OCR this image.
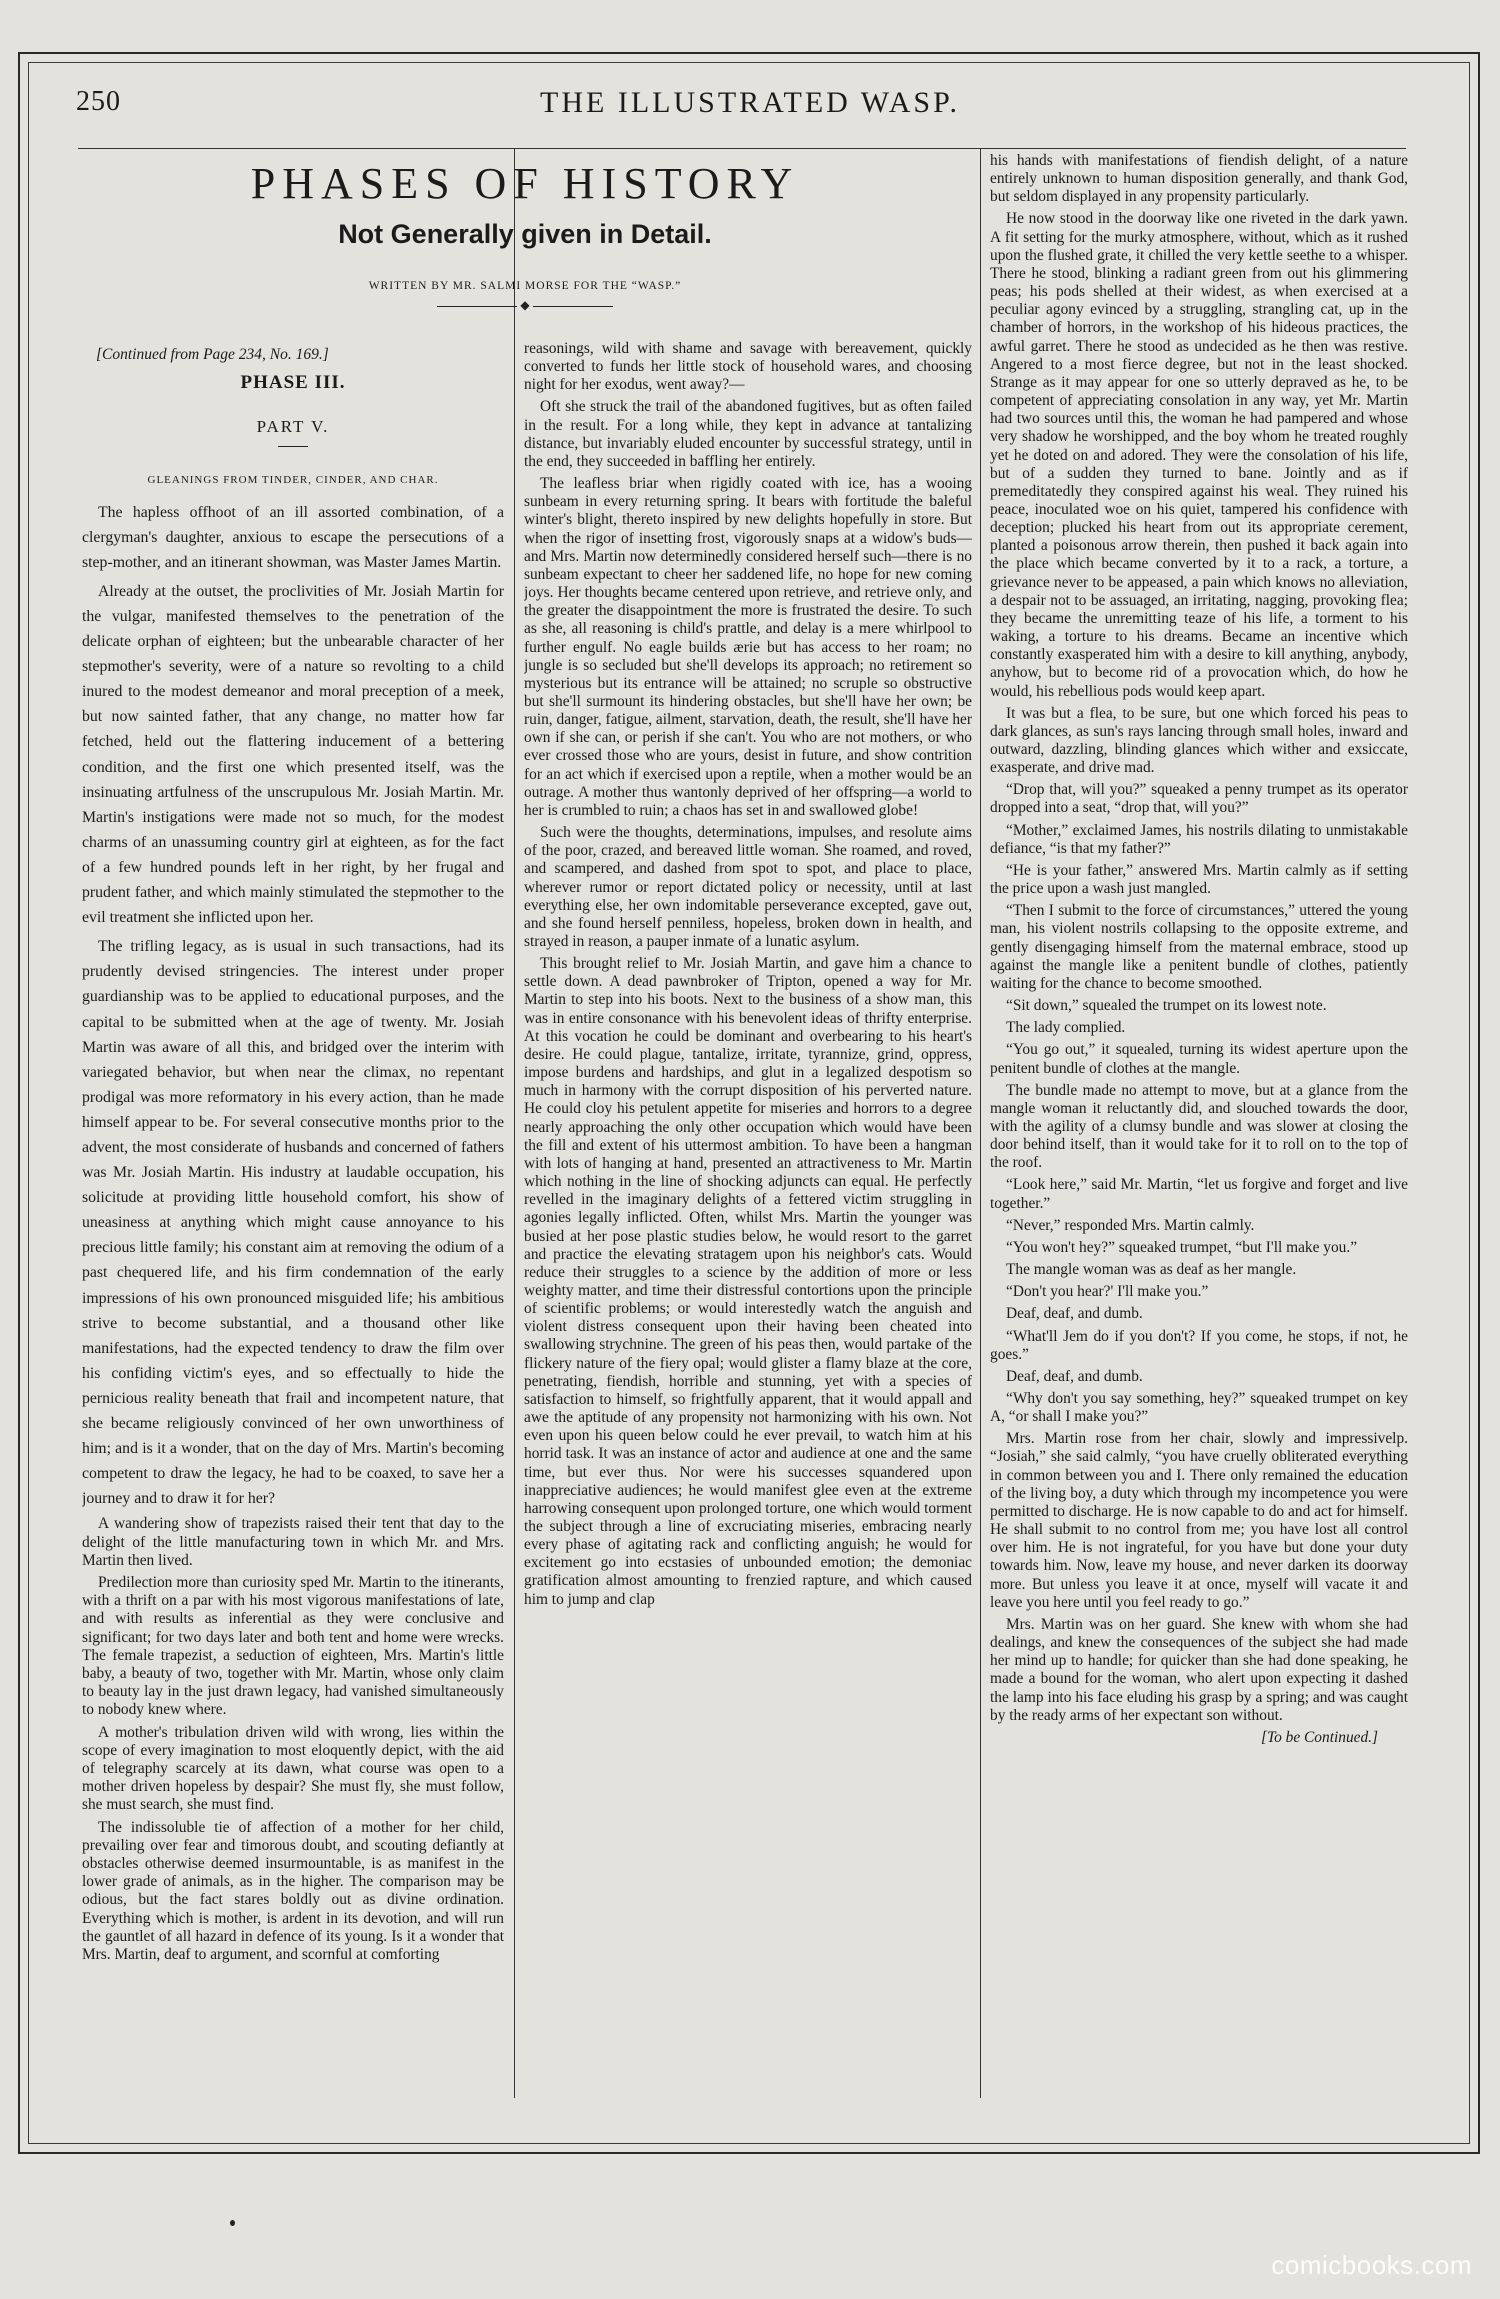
250	THE ILLUSTRATED WASP.
PHASES OF HISTORY
Not Generally given in Detail.
WRITTEN BY MR. SALMI MORSE FOR THE “WASP.”
◆
[Continued from Page 234, No. 169.]
PHASE III.
PART V.
GLEANINGS FROM TINDER, CINDER, AND CHAR.

The hapless offhoot of an ill assorted combination, of a clergyman's daughter, anxious to escape the persecutions of a step-mother, and an itinerant showman, was Master James Martin.

Already at the outset, the proclivities of Mr. Josiah Martin for the vulgar, manifested themselves to the penetration of the delicate orphan of eighteen; but the unbearable character of her stepmother's severity, were of a nature so revolting to a child inured to the modest demeanor and moral preception of a meek, but now sainted father, that any change, no matter how far fetched, held out the flattering inducement of a bettering condition, and the first one which presented itself, was the insinuating artfulness of the unscrupulous Mr. Josiah Martin. Mr. Martin's instigations were made not so much, for the modest charms of an unassuming country girl at eighteen, as for the fact of a few hundred pounds left in her right, by her frugal and prudent father, and which mainly stimulated the stepmother to the evil treatment she inflicted upon her.

The trifling legacy, as is usual in such transactions, had its prudently devised stringencies. The interest under proper guardianship was to be applied to educational purposes, and the capital to be submitted when at the age of twenty. Mr. Josiah Martin was aware of all this, and bridged over the interim with variegated behavior, but when near the climax, no repentant prodigal was more reformatory in his every action, than he made himself appear to be. For several consecutive months prior to the advent, the most considerate of husbands and concerned of fathers was Mr. Josiah Martin. His industry at laudable occupation, his solicitude at providing little household comfort, his show of uneasiness at anything which might cause annoyance to his precious little family; his constant aim at removing the odium of a past chequered life, and his firm condemnation of the early impressions of his own pronounced misguided life; his ambitious strive to become substantial, and a thousand other like manifestations, had the expected tendency to draw the film over his confiding victim's eyes, and so effectually to hide the pernicious reality beneath that frail and incompetent nature, that she became religiously convinced of her own unworthiness of him; and is it a wonder, that on the day of Mrs. Martin's becoming competent to draw the legacy, he had to be coaxed, to save her a journey and to draw it for her?

A wandering show of trapezists raised their tent that day to the delight of the little manufacturing town in which Mr. and Mrs. Martin then lived.

Predilection more than curiosity sped Mr. Martin to the itinerants, with a thrift on a par with his most vigorous manifestations of late, and with results as inferential as they were conclusive and significant; for two days later and both tent and home were wrecks. The female trapezist, a seduction of eighteen, Mrs. Martin's little baby, a beauty of two, together with Mr. Martin, whose only claim to beauty lay in the just drawn legacy, had vanished simultaneously to nobody knew where.

A mother's tribulation driven wild with wrong, lies within the scope of every imagination to most eloquently depict, with the aid of telegraphy scarcely at its dawn, what course was open to a mother driven hopeless by despair? She must fly, she must follow, she must search, she must find.

The indissoluble tie of affection of a mother for her child, prevailing over fear and timorous doubt, and scouting defiantly at obstacles otherwise deemed insurmountable, is as manifest in the lower grade of animals, as in the higher. The comparison may be odious, but the fact stares boldly out as divine ordination. Everything which is mother, is ardent in its devotion, and will run the gauntlet of all hazard in defence of its young. Is it a wonder that Mrs. Martin, deaf to argument, and scornful at comforting

reasonings, wild with shame and savage with bereavement, quickly converted to funds her little stock of household wares, and choosing night for her exodus, went away?—

Oft she struck the trail of the abandoned fugitives, but as often failed in the result. For a long while, they kept in advance at tantalizing distance, but invariably eluded encounter by successful strategy, until in the end, they succeeded in baffling her entirely.

The leafless briar when rigidly coated with ice, has a wooing sunbeam in every returning spring. It bears with fortitude the baleful winter's blight, thereto inspired by new delights hopefully in store. But when the rigor of insetting frost, vigorously snaps at a widow's buds—and Mrs. Martin now determinedly considered herself such—there is no sunbeam expectant to cheer her saddened life, no hope for new coming joys. Her thoughts became centered upon retrieve, and retrieve only, and the greater the disappointment the more is frustrated the desire. To such as she, all reasoning is child's prattle, and delay is a mere whirlpool to further engulf. No eagle builds ærie but has access to her roam; no jungle is so secluded but she'll develops its approach; no retirement so mysterious but its entrance will be attained; no scruple so obstructive but she'll surmount its hindering obstacles, but she'll have her own; be ruin, danger, fatigue, ailment, starvation, death, the result, she'll have her own if she can, or perish if she can't. You who are not mothers, or who ever crossed those who are yours, desist in future, and show contrition for an act which if exercised upon a reptile, when a mother would be an outrage. A mother thus wantonly deprived of her offspring—a world to her is crumbled to ruin; a chaos has set in and swallowed globe!

Such were the thoughts, determinations, impulses, and resolute aims of the poor, crazed, and bereaved little woman. She roamed, and roved, and scampered, and dashed from spot to spot, and place to place, wherever rumor or report dictated policy or necessity, until at last everything else, her own indomitable perseverance excepted, gave out, and she found herself penniless, hopeless, broken down in health, and strayed in reason, a pauper inmate of a lunatic asylum.

This brought relief to Mr. Josiah Martin, and gave him a chance to settle down. A dead pawnbroker of Tripton, opened a way for Mr. Martin to step into his boots. Next to the business of a show man, this was in entire consonance with his benevolent ideas of thrifty enterprise. At this vocation he could be dominant and overbearing to his heart's desire. He could plague, tantalize, irritate, tyrannize, grind, oppress, impose burdens and hardships, and glut in a legalized despotism so much in harmony with the corrupt disposition of his perverted nature. He could cloy his petulent appetite for miseries and horrors to a degree nearly approaching the only other occupation which would have been the fill and extent of his uttermost ambition. To have been a hangman with lots of hanging at hand, presented an attractiveness to Mr. Martin which nothing in the line of shocking adjuncts can equal. He perfectly revelled in the imaginary delights of a fettered victim struggling in agonies legally inflicted. Often, whilst Mrs. Martin the younger was busied at her pose plastic studies below, he would resort to the garret and practice the elevating stratagem upon his neighbor's cats. Would reduce their struggles to a science by the addition of more or less weighty matter, and time their distressful contortions upon the principle of scientific problems; or would interestedly watch the anguish and violent distress consequent upon their having been cheated into swallowing strychnine. The green of his peas then, would partake of the flickery nature of the fiery opal; would glister a flamy blaze at the core, penetrating, fiendish, horrible and stunning, yet with a species of satisfaction to himself, so frightfully apparent, that it would appall and awe the aptitude of any propensity not harmonizing with his own. Not even upon his queen below could he ever prevail, to watch him at his horrid task. It was an instance of actor and audience at one and the same time, but ever thus. Nor were his successes squandered upon inappreciative audiences; he would manifest glee even at the extreme harrowing consequent upon prolonged torture, one which would torment the subject through a line of excruciating miseries, embracing nearly every phase of agitating rack and conflicting anguish; he would for excitement go into ecstasies of unbounded emotion; the demoniac gratification almost amounting to frenzied rapture, and which caused him to jump and clap

his hands with manifestations of fiendish delight, of a nature entirely unknown to human disposition generally, and thank God, but seldom displayed in any propensity particularly.

He now stood in the doorway like one riveted in the dark yawn. A fit setting for the murky atmosphere, without, which as it rushed upon the flushed grate, it chilled the very kettle seethe to a whisper. There he stood, blinking a radiant green from out his glimmering peas; his pods shelled at their widest, as when exercised at a peculiar agony evinced by a struggling, strangling cat, up in the chamber of horrors, in the workshop of his hideous practices, the awful garret. There he stood as undecided as he then was restive. Angered to a most fierce degree, but not in the least shocked. Strange as it may appear for one so utterly depraved as he, to be competent of appreciating consolation in any way, yet Mr. Martin had two sources until this, the woman he had pampered and whose very shadow he worshipped, and the boy whom he treated roughly yet he doted on and adored. They were the consolation of his life, but of a sudden they turned to bane. Jointly and as if premeditatedly they conspired against his weal. They ruined his peace, inoculated woe on his quiet, tampered his confidence with deception; plucked his heart from out its appropriate cerement, planted a poisonous arrow therein, then pushed it back again into the place which became converted by it to a rack, a torture, a grievance never to be appeased, a pain which knows no alleviation, a despair not to be assuaged, an irritating, nagging, provoking flea; they became the unremitting teaze of his life, a torment to his waking, a torture to his dreams. Became an incentive which constantly exasperated him with a desire to kill anything, anybody, anyhow, but to become rid of a provocation which, do how he would, his rebellious pods would keep apart.

It was but a flea, to be sure, but one which forced his peas to dark glances, as sun's rays lancing through small holes, inward and outward, dazzling, blinding glances which wither and exsiccate, exasperate, and drive mad.

“Drop that, will you?” squeaked a penny trumpet as its operator dropped into a seat, “drop that, will you?”

“Mother,” exclaimed James, his nostrils dilating to unmistakable defiance, “is that my father?”

“He is your father,” answered Mrs. Martin calmly as if setting the price upon a wash just mangled.

“Then I submit to the force of circumstances,” uttered the young man, his violent nostrils collapsing to the opposite extreme, and gently disengaging himself from the maternal embrace, stood up against the mangle like a penitent bundle of clothes, patiently waiting for the chance to become smoothed.

“Sit down,” squealed the trumpet on its lowest note.

The lady complied.

“You go out,” it squealed, turning its widest aperture upon the penitent bundle of clothes at the mangle.

The bundle made no attempt to move, but at a glance from the mangle woman it reluctantly did, and slouched towards the door, with the agility of a clumsy bundle and was slower at closing the door behind itself, than it would take for it to roll on to the top of the roof.

“Look here,” said Mr. Martin, “let us forgive and forget and live together.”

“Never,” responded Mrs. Martin calmly.

“You won't hey?” squeaked trumpet, “but I'll make you.”

The mangle woman was as deaf as her mangle.

“Don't you hear?' I'll make you.”

Deaf, deaf, and dumb.

“What'll Jem do if you don't? If you come, he stops, if not, he goes.”

Deaf, deaf, and dumb.

“Why don't you say something, hey?” squeaked trumpet on key A, “or shall I make you?”

Mrs. Martin rose from her chair, slowly and impressivelp. “Josiah,” she said calmly, “you have cruelly obliterated everything in common between you and I. There only remained the education of the living boy, a duty which through my incompetence you were permitted to discharge. He is now capable to do and act for himself. He shall submit to no control from me; you have lost all control over him. He is not ingrateful, for you have but done your duty towards him. Now, leave my house, and never darken its doorway more. But unless you leave it at once, myself will vacate it and leave you here until you feel ready to go.”

Mrs. Martin was on her guard. She knew with whom she had dealings, and knew the consequences of the subject she had made her mind up to handle; for quicker than she had done speaking, he made a bound for the woman, who alert upon expecting it dashed the lamp into his face eluding his grasp by a spring; and was caught by the ready arms of her expectant son without.

[To be Continued.]
comicbooks.com
